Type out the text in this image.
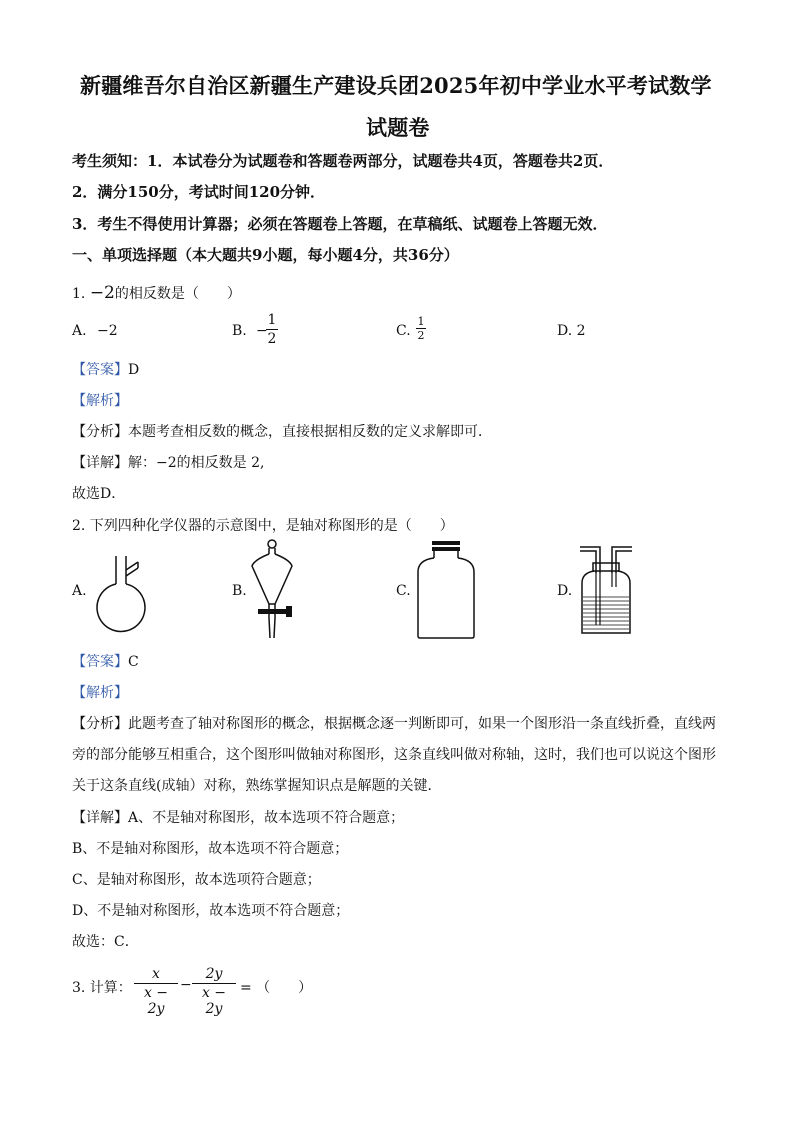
新疆维吾尔自治区新疆生产建设兵团2025年初中学业水平考试数学
试题卷
考生须知：1．本试卷分为试题卷和答题卷两部分，试题卷共4页，答题卷共2页．
2．满分150分，考试时间120分钟．
3．考生不得使用计算器；必须在答题卷上答题，在草稿纸、试题卷上答题无效．
一、单项选择题（本大题共9小题，每小题4分，共36分）
1. −2的相反数是（　　）
A. −2	B. −
1
2	C.
1
2	D. 2
【答案】D
【解析】
【分析】本题考查相反数的概念，直接根据相反数的定义求解即可．
【详解】解：−2的相反数是 2,
故选D．
2. 下列四种化学仪器的示意图中，是轴对称图形的是（　　）
A.	B.	C.	D.
【答案】C
【解析】
【分析】此题考查了轴对称图形的概念，根据概念逐一判断即可，如果一个图形沿一条直线折叠，直线两
旁的部分能够互相重合，这个图形叫做轴对称图形，这条直线叫做对称轴，这时，我们也可以说这个图形
关于这条直线(成轴）对称，熟练掌握知识点是解题的关键．
【详解】A、不是轴对称图形，故本选项不符合题意；
B、不是轴对称图形，故本选项不符合题意；
C、是轴对称图形，故本选项符合题意；
D、不是轴对称图形，故本选项不符合题意；
故选：C．
3. 计算：
x
x − 2y
−
2y
x − 2y
= （　　）
